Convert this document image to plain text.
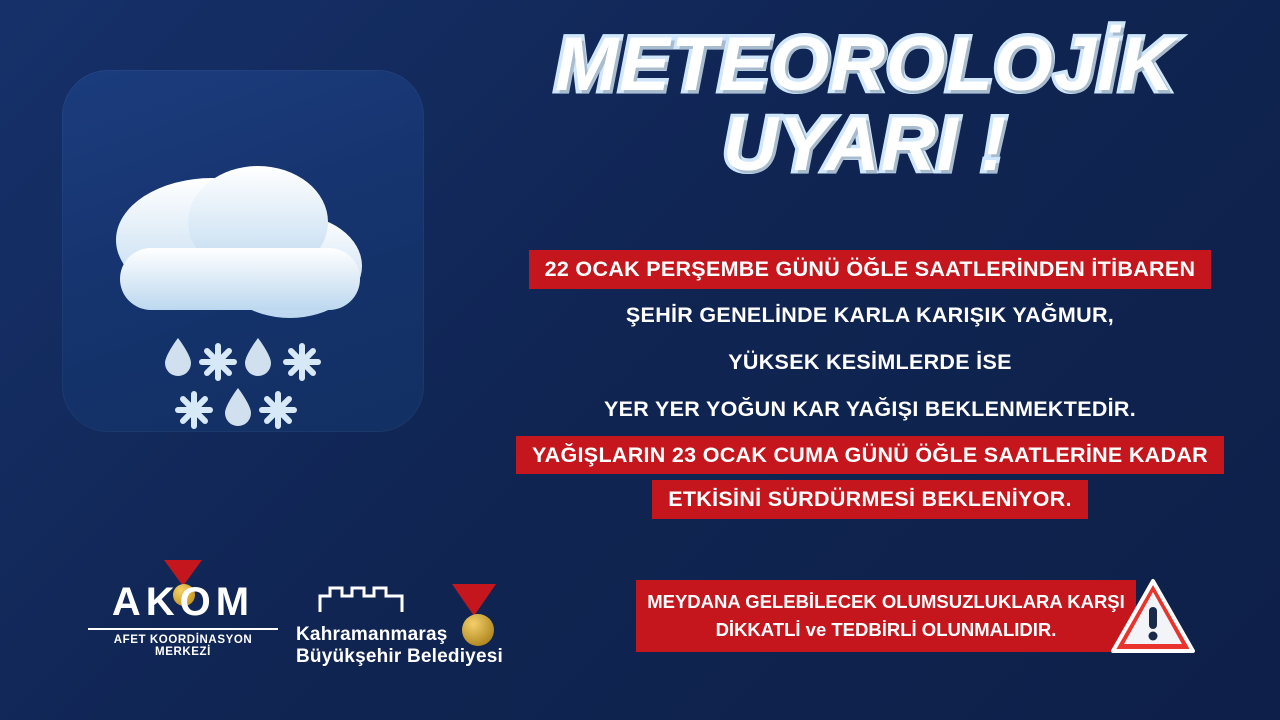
METEOROLOJİK
UYARI !
22 OCAK PERŞEMBE GÜNÜ ÖĞLE SAATLERİNDEN İTİBAREN
ŞEHİR GENELİNDE KARLA KARIŞIK YAĞMUR,
YÜKSEK KESİMLERDE İSE
YER YER YOĞUN KAR YAĞIŞI BEKLENMEKTEDİR.
YAĞIŞLARIN 23 OCAK CUMA GÜNÜ ÖĞLE SAATLERİNE KADAR
ETKİSİNİ SÜRDÜRMESİ BEKLENİYOR.
MEYDANA GELEBİLECEK OLUMSUZLUKLARA KARŞI
DİKKATLİ ve TEDBİRLİ OLUNMALIDIR.
AKOM
AFET KOORDİNASYON MERKEZİ
Kahramanmaraş
Büyükşehir Belediyesi
